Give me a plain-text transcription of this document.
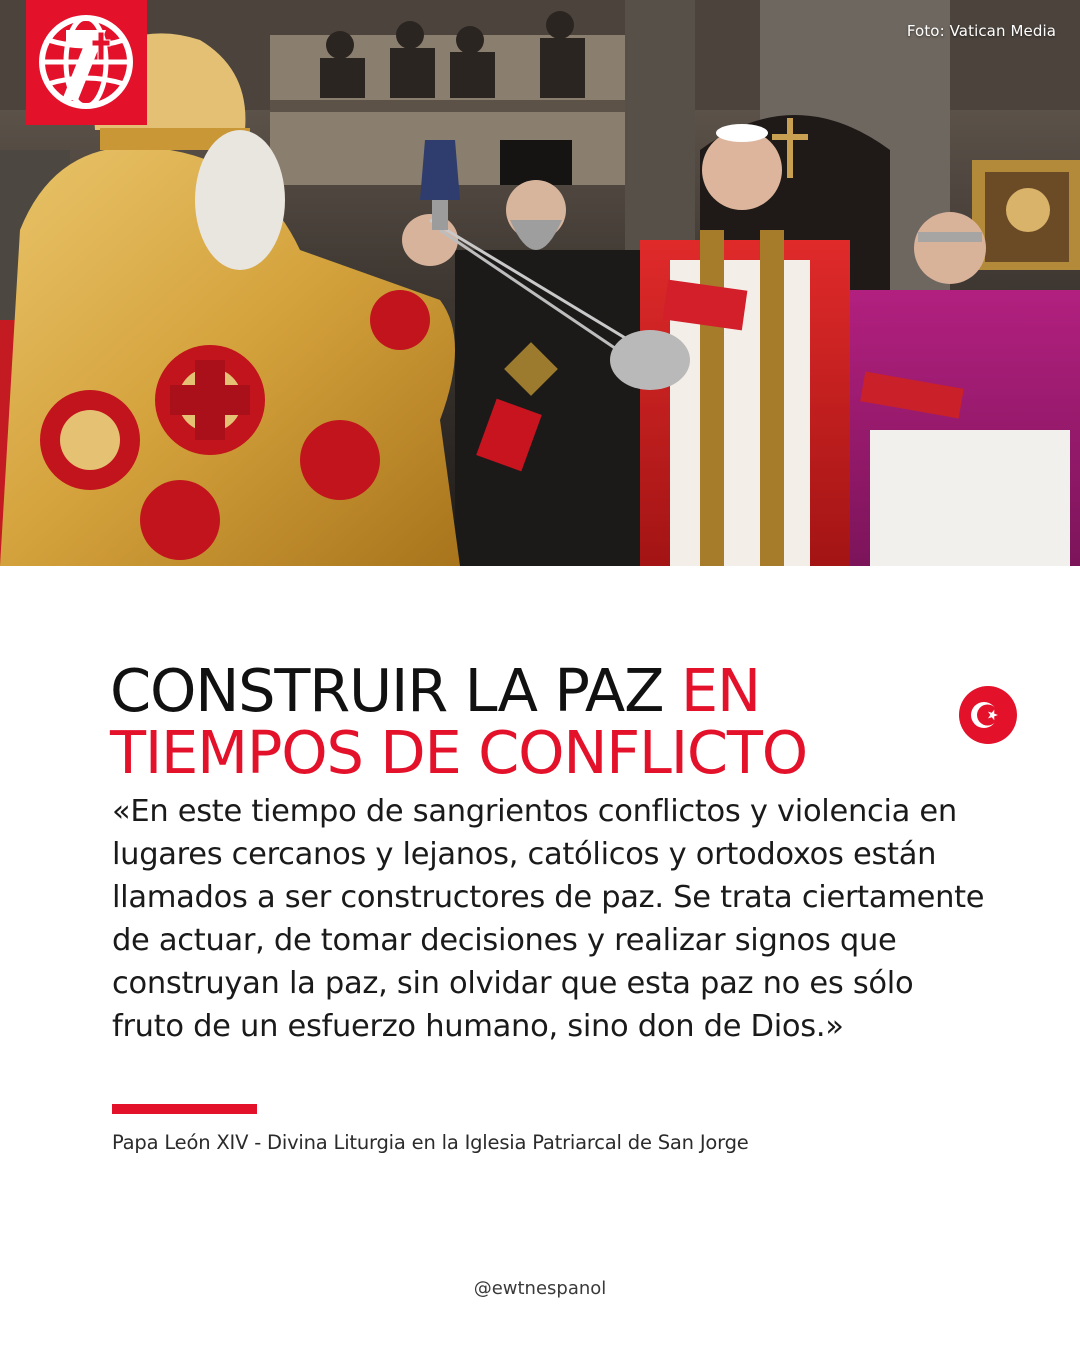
Foto: Vatican Media
CONSTRUIR LA PAZ EN TIEMPOS DE CONFLICTO

«En este tiempo de sangrientos conflictos y violencia en lugares cercanos y lejanos, católicos y ortodoxos están llamados a ser constructores de paz. Se trata ciertamente de actuar, de tomar decisiones y realizar signos que construyan la paz, sin olvidar que esta paz no es sólo fruto de un esfuerzo humano, sino don de Dios.»

Papa León XIV - Divina Liturgia en la Iglesia Patriarcal de San Jorge
@ewtnespanol
